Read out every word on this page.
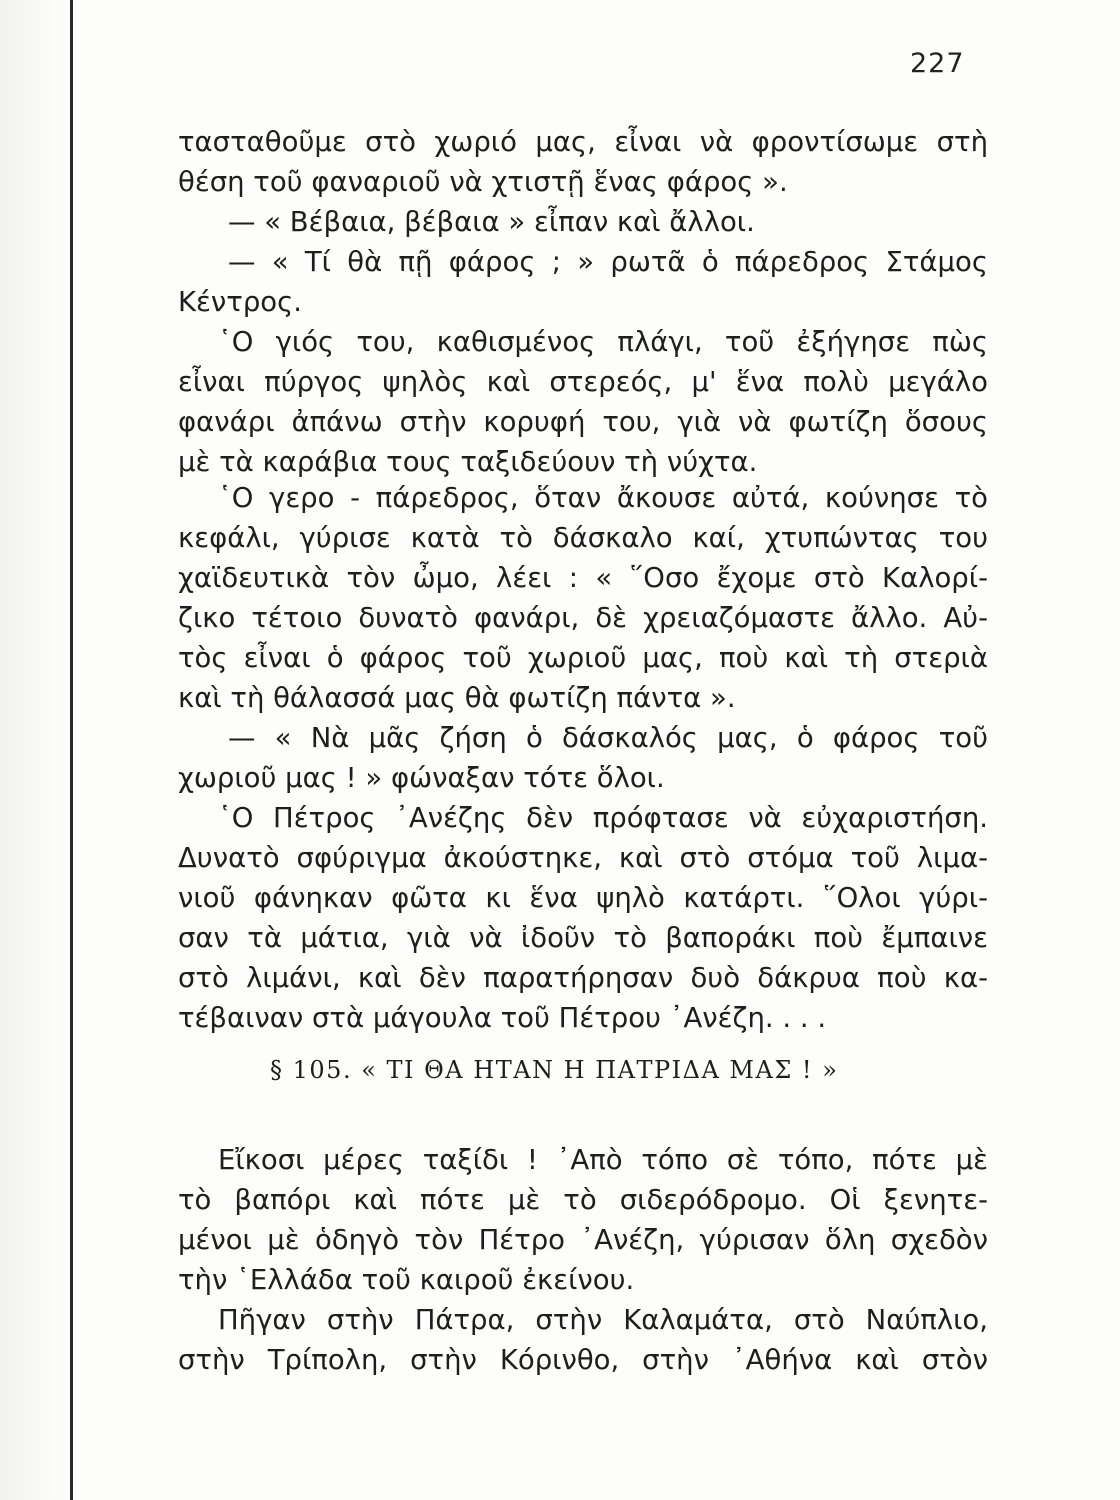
227
τασταθοῦμε στὸ χωριό μας, εἶναι νὰ φροντίσωμε στὴ
θέση τοῦ φαναριοῦ νὰ χτιστῇ ἕνας φάρος ».
— « Βέβαια, βέβαια » εἶπαν καὶ ἄλλοι.
— « Τί θὰ πῇ φάρος ; » ρωτᾶ ὁ πάρεδρος Στάμος
Κέντρος.
῾Ο γιός του, καθισμένος πλάγι, τοῦ ἐξήγησε πὼς
εἶναι πύργος ψηλὸς καὶ στερεός, μ' ἕνα πολὺ μεγάλο
φανάρι ἀπάνω στὴν κορυφή του, γιὰ νὰ φωτίζη ὅσους
μὲ τὰ καράβια τους ταξιδεύουν τὴ νύχτα.
῾Ο γερο - πάρεδρος, ὅταν ἄκουσε αὐτά, κούνησε τὸ
κεφάλι, γύρισε κατὰ τὸ δάσκαλο καί, χτυπώντας του
χαϊδευτικὰ τὸν ὦμο, λέει : « ῞Οσο ἔχομε στὸ Καλορί-
ζικο τέτοιο δυνατὸ φανάρι, δὲ χρειαζόμαστε ἄλλο. Αὐ-
τὸς εἶναι ὁ φάρος τοῦ χωριοῦ μας, ποὺ καὶ τὴ στεριὰ
καὶ τὴ θάλασσά μας θὰ φωτίζη πάντα ».
— « Νὰ μᾶς ζήση ὁ δάσκαλός μας, ὁ φάρος τοῦ
χωριοῦ μας ! » φώναξαν τότε ὅλοι.
῾Ο Πέτρος ᾿Ανέζης δὲν πρόφτασε νὰ εὐχαριστήση.
Δυνατὸ σφύριγμα ἀκούστηκε, καὶ στὸ στόμα τοῦ λιμα-
νιοῦ φάνηκαν φῶτα κι ἕνα ψηλὸ κατάρτι. ῞Ολοι γύρι-
σαν τὰ μάτια, γιὰ νὰ ἰδοῦν τὸ βαποράκι ποὺ ἔμπαινε
στὸ λιμάνι, καὶ δὲν παρατήρησαν δυὸ δάκρυα ποὺ κα-
τέβαιναν στὰ μάγουλα τοῦ Πέτρου ᾿Ανέζη. . . .
§ 105. « ΤΙ ΘΑ ΗΤΑΝ Η ΠΑΤΡΙΔΑ ΜΑΣ ! »
Εἴκοσι μέρες ταξίδι ! ᾿Απὸ τόπο σὲ τόπο, πότε μὲ
τὸ βαπόρι καὶ πότε μὲ τὸ σιδερόδρομο. Οἱ ξενητε-
μένοι μὲ ὁδηγὸ τὸν Πέτρο ᾿Ανέζη, γύρισαν ὅλη σχεδὸν
τὴν ῾Ελλάδα τοῦ καιροῦ ἐκείνου.
Πῆγαν στὴν Πάτρα, στὴν Καλαμάτα, στὸ Ναύπλιο,
στὴν Τρίπολη, στὴν Κόρινθο, στὴν ᾿Αθήνα καὶ στὸν
